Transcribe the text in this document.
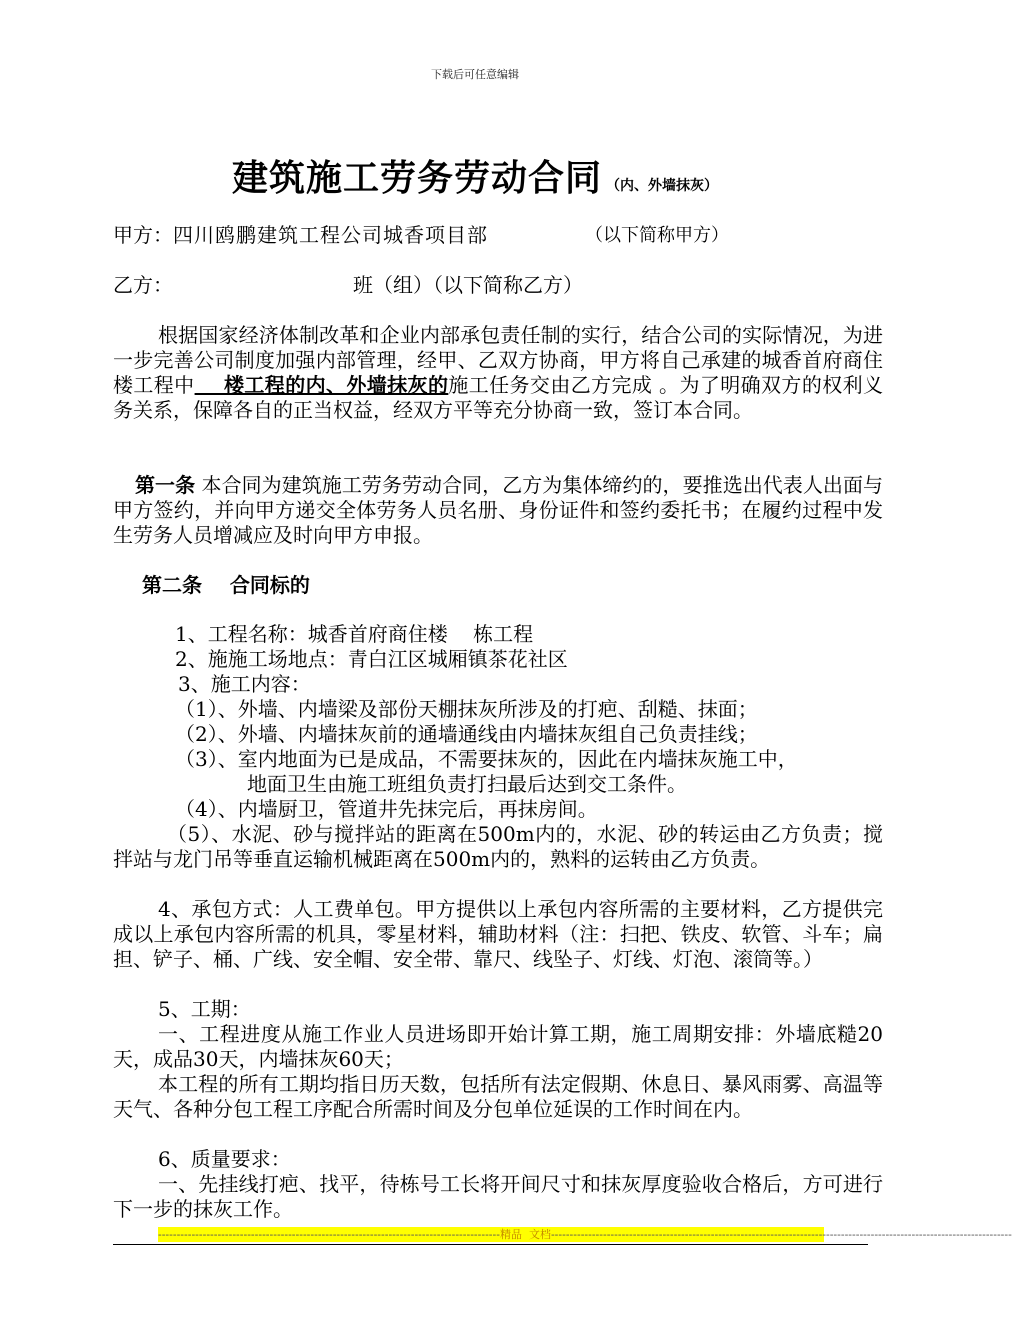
下载后可任意编辑
建筑施工劳务劳动合同 （内、外墙抹灰）
甲方：四川鸥鹏建筑工程公司城香项目部	（以下简称甲方）
乙方：	班（组）（以下简称乙方）
根据国家经济体制改革和企业内部承包责任制的实行，结合公司的实际情况，为进一步完善公司制度加强内部管理，经甲、乙双方协商，甲方将自己承建的城香首府商住楼工程中    楼工程的内、外墙抹灰的施工任务交由乙方完成 。为了明确双方的权利义务关系，保障各自的正当权益，经双方平等充分协商一致，签订本合同。
第一条 本合同为建筑施工劳务劳动合同，乙方为集体缔约的，要推选出代表人出面与甲方签约，并向甲方递交全体劳务人员名册、身份证件和签约委托书；在履约过程中发生劳务人员增减应及时向甲方申报。
第二条    合同标的
1、工程名称：城香首府商住楼    栋工程
2、施施工场地点：青白江区城厢镇茶花社区
3、施工内容：
（1）、外墙、内墙梁及部份天棚抹灰所涉及的打疤、刮糙、抹面；
（2）、外墙、内墙抹灰前的通墙通线由内墙抹灰组自己负责挂线；
（3）、室内地面为已是成品，不需要抹灰的，因此在内墙抹灰施工中，
地面卫生由施工班组负责打扫最后达到交工条件。
（4）、内墙厨卫，管道井先抹完后，再抹房间。
（5）、水泥、砂与搅拌站的距离在500m内的，水泥、砂的转运由乙方负责；搅拌站与龙门吊等垂直运输机械距离在500m内的，熟料的运转由乙方负责。
4、承包方式：人工费单包。甲方提供以上承包内容所需的主要材料，乙方提供完成以上承包内容所需的机具，零星材料，辅助材料（注：扫把、铁皮、软管、斗车；扁担、铲子、桶、广线、安全帽、安全带、靠尺、线坠子、灯线、灯泡、滚筒等。）
5、工期：
一、工程进度从施工作业人员进场即开始计算工期，施工周期安排：外墙底糙20天，成品30天，内墙抹灰60天；
本工程的所有工期均指日历天数，包括所有法定假期、休息日、暴风雨雾、高温等天气、各种分包工程工序配合所需时间及分包单位延误的工作时间在内。
6、质量要求：
一、先挂线打疤、找平，待栋号工长将开间尺寸和抹灰厚度验收合格后，方可进行下一步的抹灰工作。
--------------------------------------------------------------------------------------------精品  文档----------------------------------------------------------------------------------------------------------------------------
